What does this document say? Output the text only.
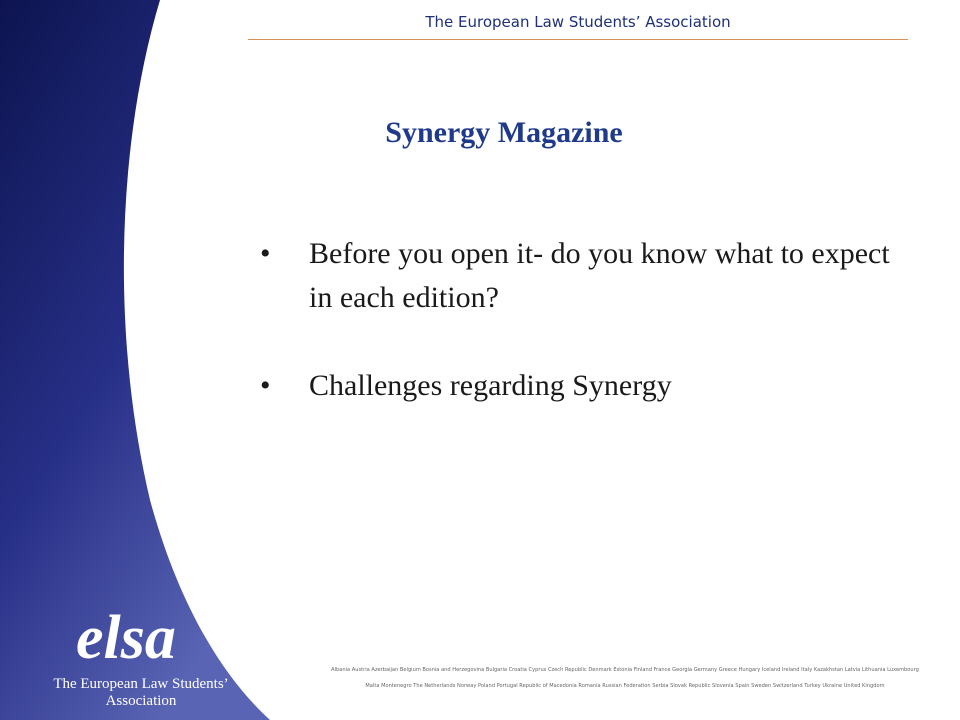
The European Law Students’ Association
Synergy Magazine
• Before you open it- do you know what to expect in each edition?
• Challenges regarding Synergy
elsa
The European Law Students’ Association
Albania Austria Azerbaijan Belgium Bosnia and Herzegovina Bulgaria Croatia Cyprus Czech Republic Denmark Estonia Finland France Georgia Germany Greece Hungary Iceland Ireland Italy Kazakhstan Latvia Lithuania Luxembourg Malta Montenegro The Netherlands Norway Poland Portugal Republic of Macedonia Romania Russian Federation Serbia Slovak Republic Slovenia Spain Sweden Switzerland Turkey Ukraine United Kingdom
